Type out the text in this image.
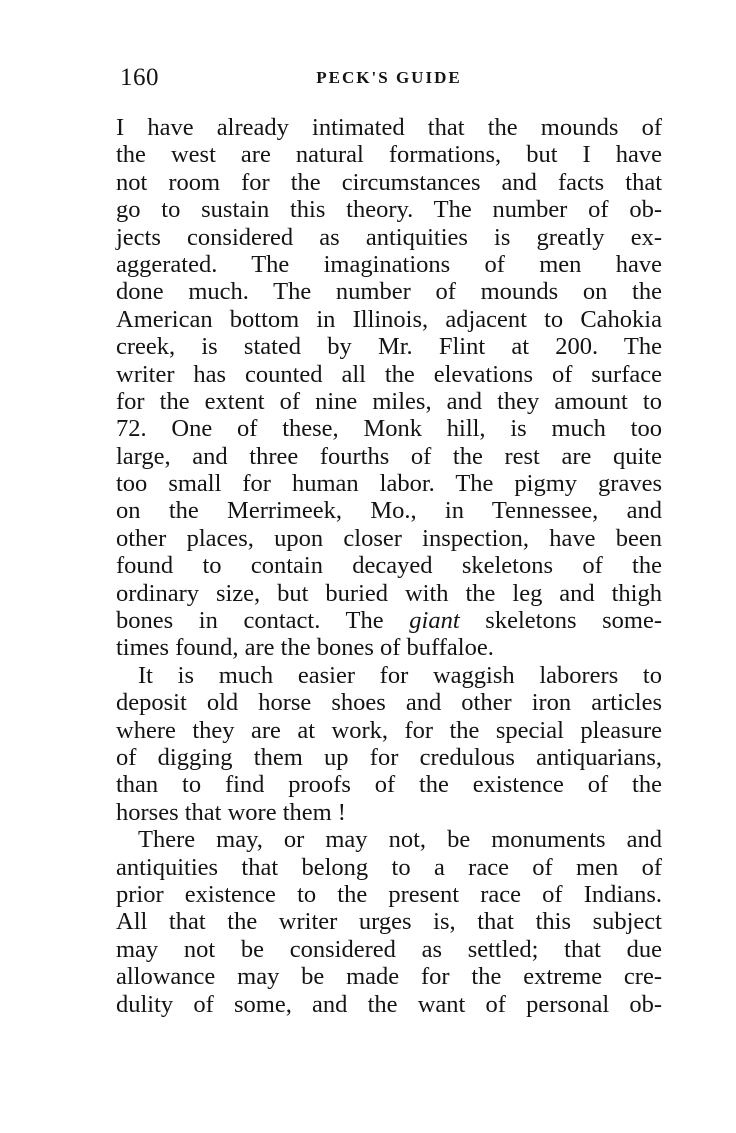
160	PECK'S GUIDE
I have already intimated that the mounds of
the west are natural formations, but I have
not room for the circumstances and facts that
go to sustain this theory. The number of ob-
jects considered as antiquities is greatly ex-
aggerated. The imaginations of men have
done much. The number of mounds on the
American bottom in Illinois, adjacent to Cahokia
creek, is stated by Mr. Flint at 200. The
writer has counted all the elevations of surface
for the extent of nine miles, and they amount to
72. One of these, Monk hill, is much too
large, and three fourths of the rest are quite
too small for human labor. The pigmy graves
on the Merrimeek, Mo., in Tennessee, and
other places, upon closer inspection, have been
found to contain decayed skeletons of the
ordinary size, but buried with the leg and thigh
bones in contact. The giant skeletons some-
times found, are the bones of buffaloe.
It is much easier for waggish laborers to
deposit old horse shoes and other iron articles
where they are at work, for the special pleasure
of digging them up for credulous antiquarians,
than to find proofs of the existence of the
horses that wore them !
There may, or may not, be monuments and
antiquities that belong to a race of men of
prior existence to the present race of Indians.
All that the writer urges is, that this subject
may not be considered as settled; that due
allowance may be made for the extreme cre-
dulity of some, and the want of personal ob-
